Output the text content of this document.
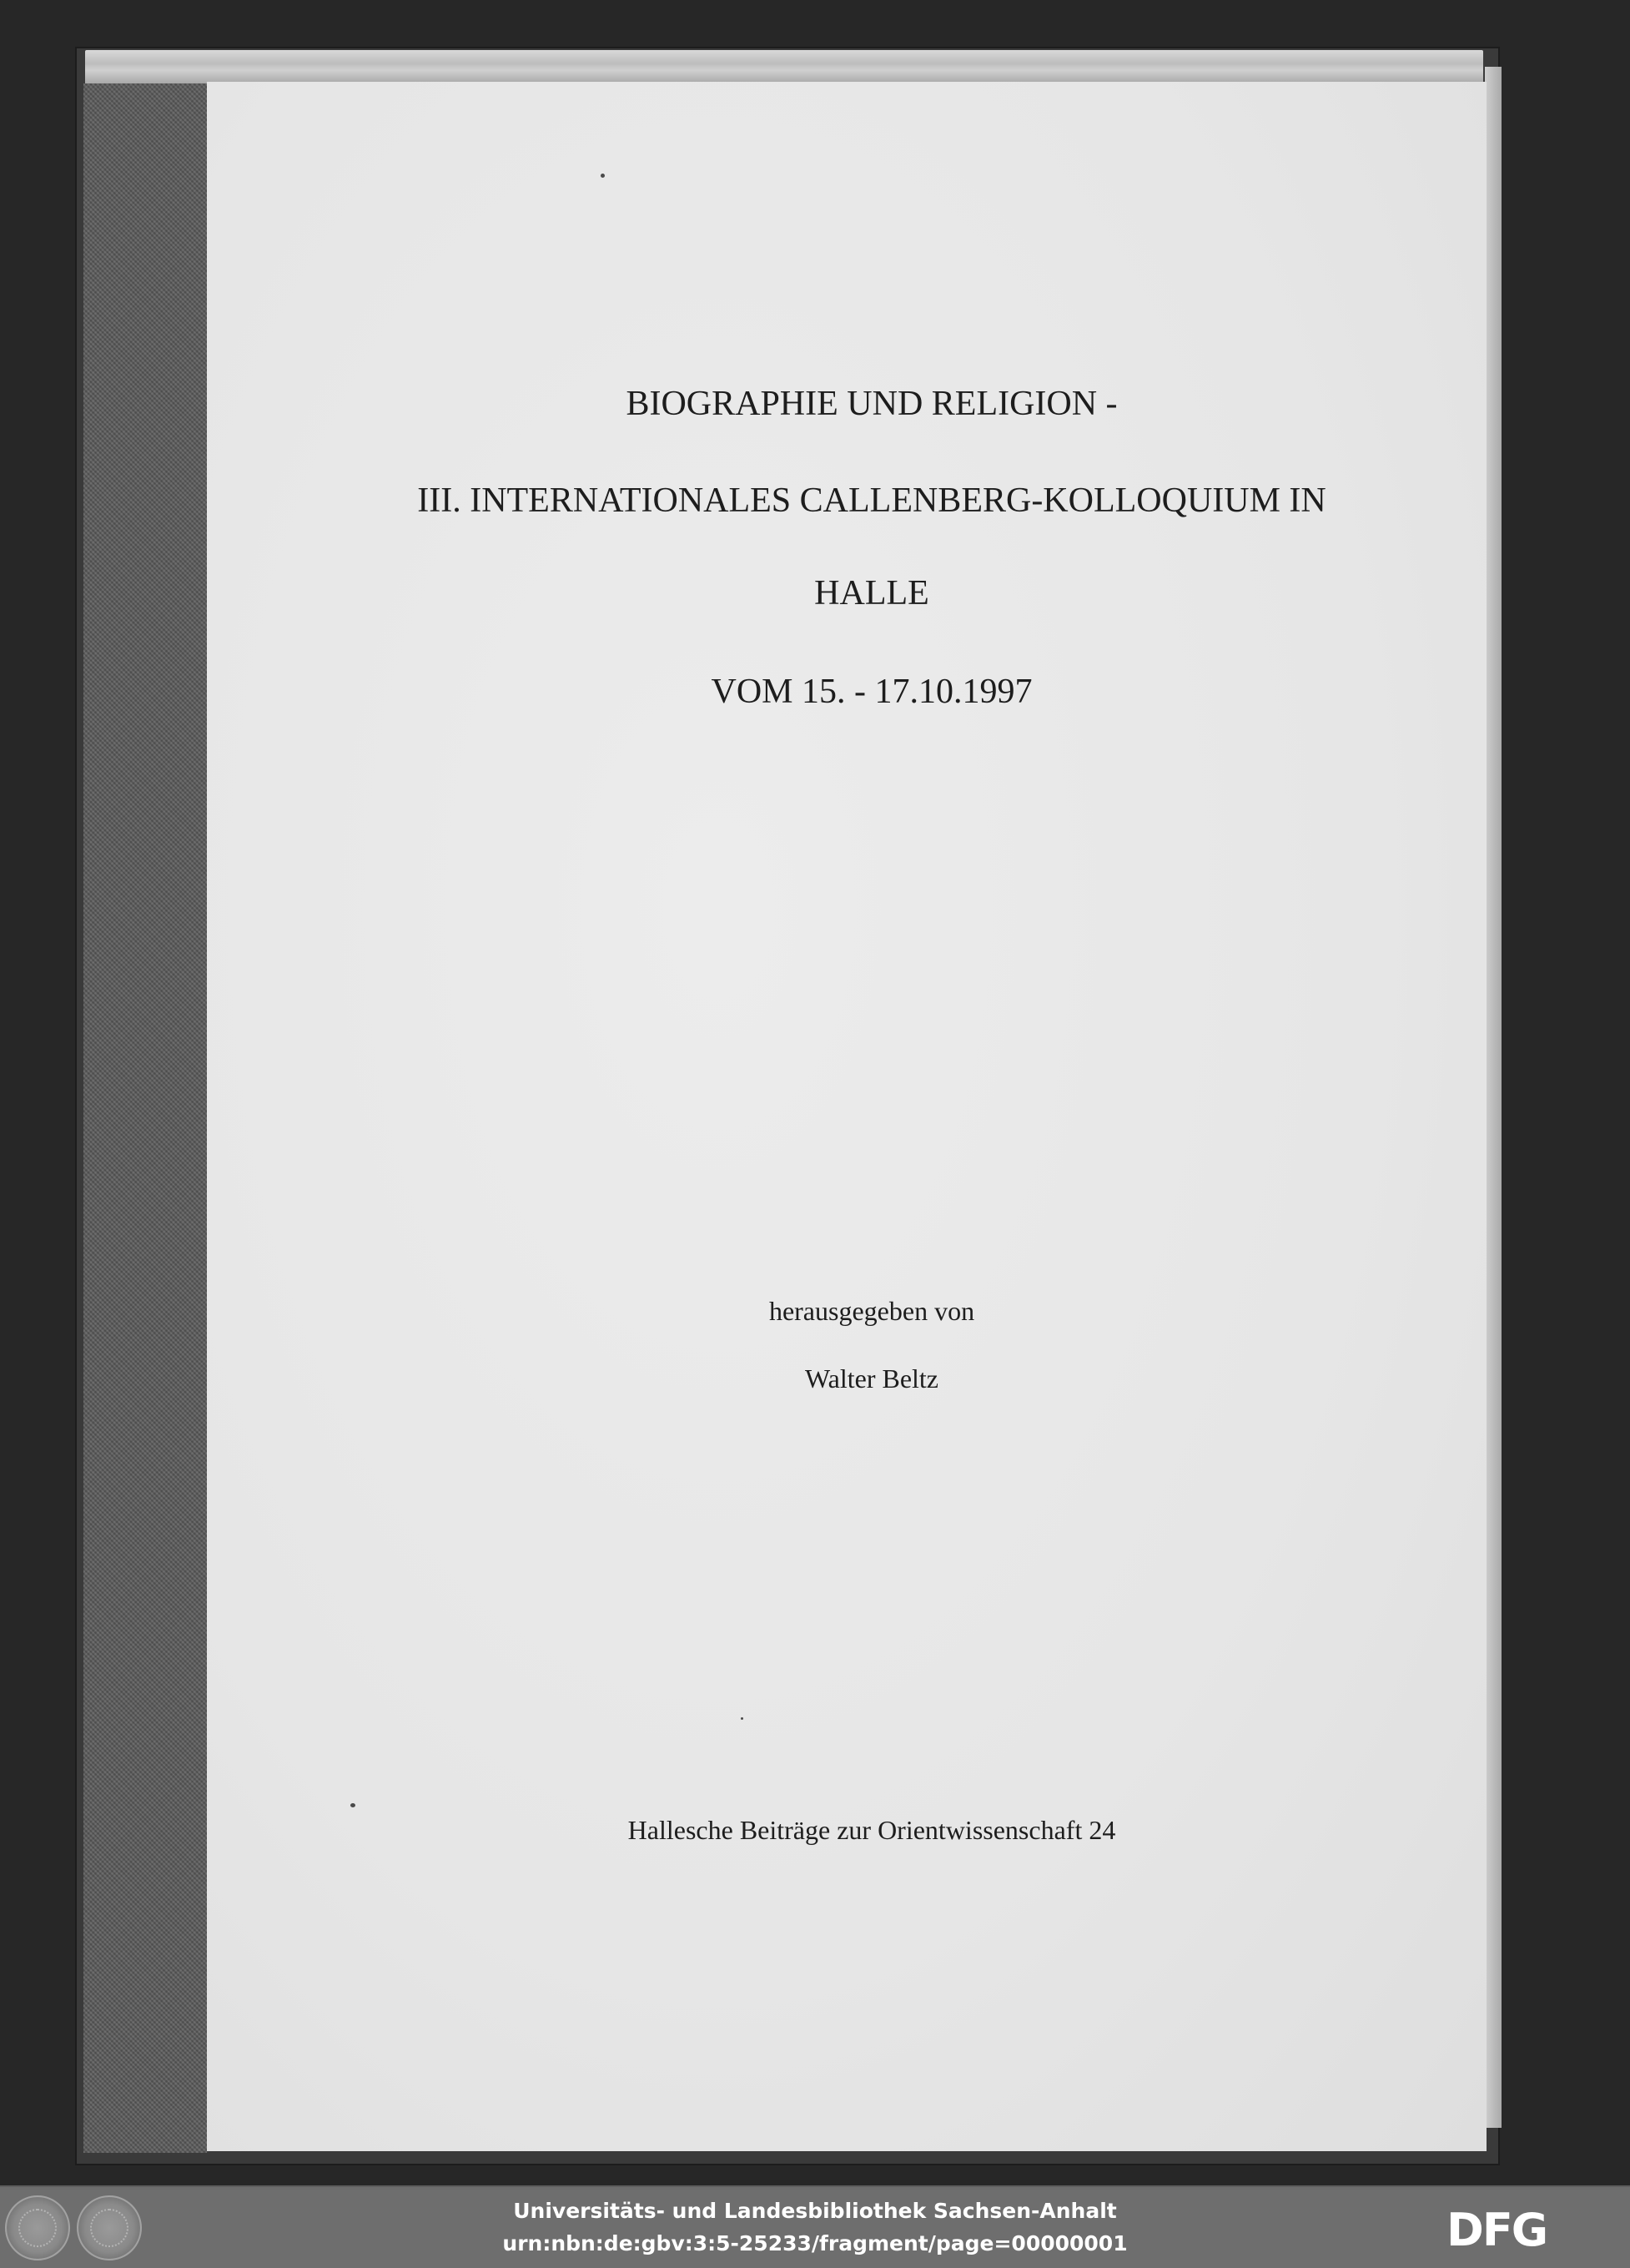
BIOGRAPHIE UND RELIGION -
III. INTERNATIONALES CALLENBERG-KOLLOQUIUM IN
HALLE
VOM 15. - 17.10.1997
herausgegeben von
Walter Beltz
Hallesche Beiträge zur Orientwissenschaft 24
Universitäts- und Landesbibliothek Sachsen-Anhalt
urn:nbn:de:gbv:3:5-25233/fragment/page=00000001	DFG
